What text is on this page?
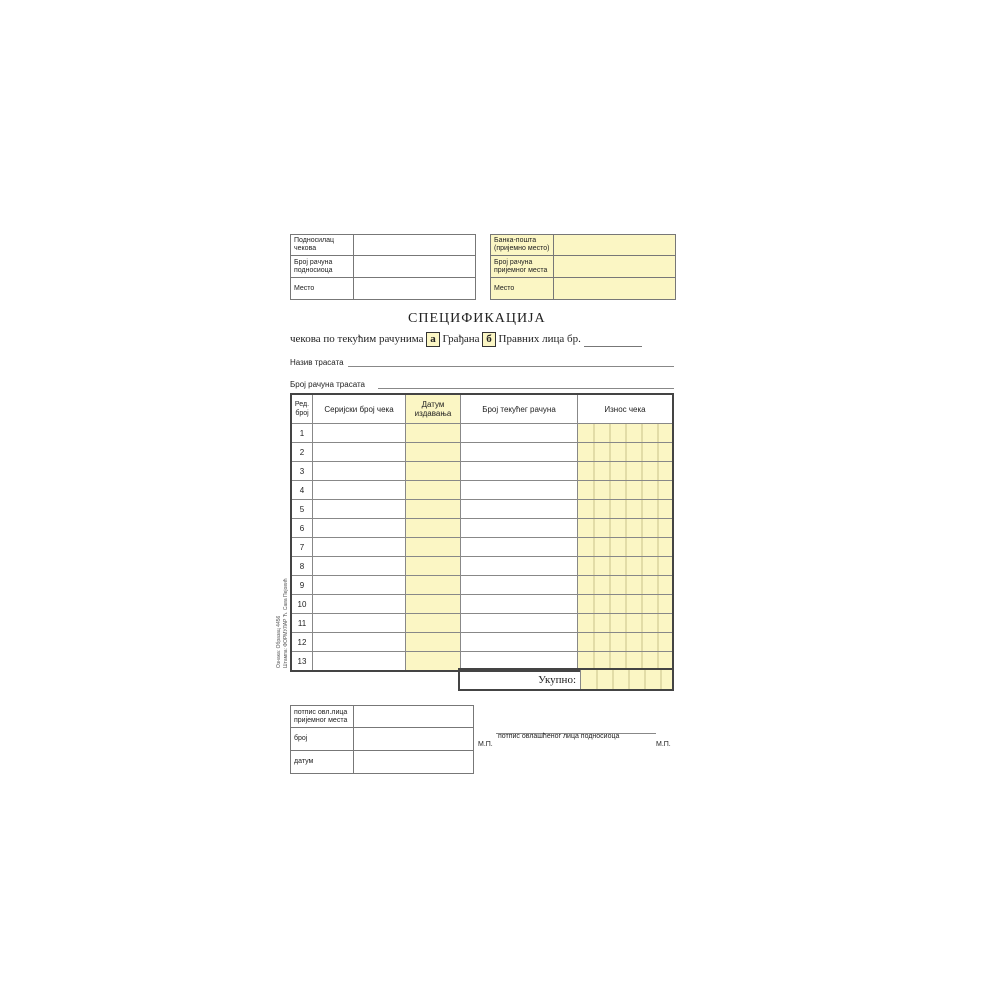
Подносилац чекова	
Број рачуна подносиоца	
Место	
Банка-пошта (пријемно место)	
Број рачуна пријемног места	
Место	
СПЕЦИФИКАЦИЈА
чекова по текућим рачунима а Грађана б Правних лица бр.
Назив трасата
Број рачуна трасата
Ознака: Образац 4456 Штампа: ФОРМУЛАР Ћ. Сава Пејовић
Ред. број	Серијски број чека	Датум издавања	Број текућег рачуна	Износ чека
1				
2				
3				
4				
5				
6				
7				
8				
9				
10				
11				
12				
13				
Укупно:	
потпис овл.лица пријемног места	
број	
датум	
М.П.
потпис овлашћеног лица подносиоца
М.П.
